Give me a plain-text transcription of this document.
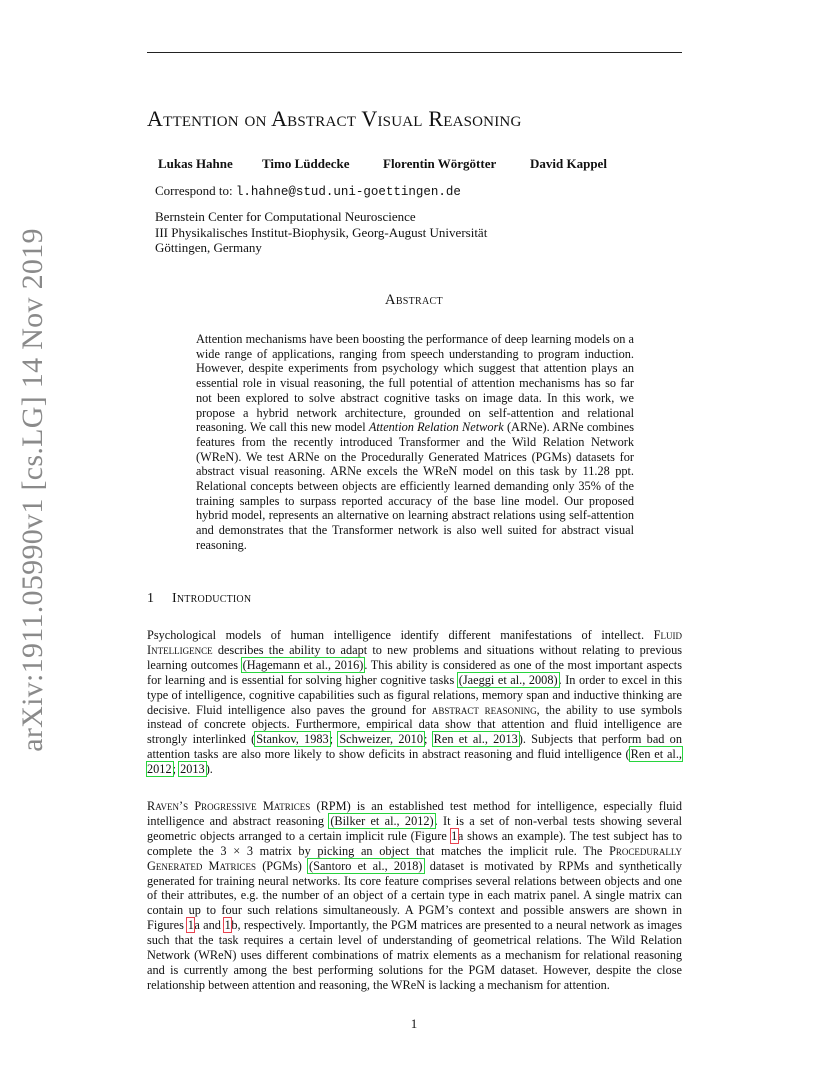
arXiv:1911.05990v1 [cs.LG] 14 Nov 2019
Attention on Abstract Visual Reasoning
Lukas Hahne Timo Lüddecke	Florentin Wörgötter	David Kappel
Correspond to: l.hahne@stud.uni-goettingen.de
Bernstein Center for Computational Neuroscience
III Physikalisches Institut-Biophysik, Georg-August Universität
Göttingen, Germany
Abstract
Attention mechanisms have been boosting the performance of deep learning models on a wide range of applications, ranging from speech understanding to program induction. However, despite experiments from psychology which suggest that attention plays an essential role in visual reasoning, the full potential of attention mechanisms has so far not been explored to solve abstract cognitive tasks on image data. In this work, we propose a hybrid network architecture, grounded on self-attention and relational reasoning. We call this new model Attention Relation Network (ARNe). ARNe combines features from the recently introduced Transformer and the Wild Relation Network (WReN). We test ARNe on the Procedurally Generated Matrices (PGMs) datasets for abstract visual reasoning. ARNe excels the WReN model on this task by 11.28 ppt. Relational concepts between objects are efficiently learned demanding only 35% of the training samples to surpass reported accuracy of the base line model. Our proposed hybrid model, represents an alternative on learning abstract relations using self-attention and demonstrates that the Transformer network is also well suited for abstract visual reasoning.
1 Introduction
Psychological models of human intelligence identify different manifestations of intellect. Fluid Intelligence describes the ability to adapt to new problems and situations without relating to previous learning outcomes (Hagemann et al., 2016). This ability is considered as one of the most important aspects for learning and is essential for solving higher cognitive tasks (Jaeggi et al., 2008). In order to excel in this type of intelligence, cognitive capabilities such as figural relations, memory span and inductive thinking are decisive. Fluid intelligence also paves the ground for abstract reasoning, the ability to use symbols instead of concrete objects. Furthermore, empirical data show that attention and fluid intelligence are strongly interlinked (Stankov, 1983; Schweizer, 2010; Ren et al., 2013). Subjects that perform bad on attention tasks are also more likely to show deficits in abstract reasoning and fluid intelligence (Ren et al., 2012; 2013).
Raven’s Progressive Matrices (RPM) is an established test method for intelligence, especially fluid intelligence and abstract reasoning (Bilker et al., 2012). It is a set of non-verbal tests showing several geometric objects arranged to a certain implicit rule (Figure 1a shows an example). The test subject has to complete the 3 × 3 matrix by picking an object that matches the implicit rule. The Procedurally Generated Matrices (PGMs) (Santoro et al., 2018) dataset is motivated by RPMs and synthetically generated for training neural networks. Its core feature comprises several relations between objects and one of their attributes, e.g. the number of an object of a certain type in each matrix panel. A single matrix can contain up to four such relations simultaneously. A PGM’s context and possible answers are shown in Figures 1a and 1b, respectively. Importantly, the PGM matrices are presented to a neural network as images such that the task requires a certain level of understanding of geometrical relations. The Wild Relation Network (WReN) uses different combinations of matrix elements as a mechanism for relational reasoning and is currently among the best performing solutions for the PGM dataset. However, despite the close relationship between attention and reasoning, the WReN is lacking a mechanism for attention.
1
